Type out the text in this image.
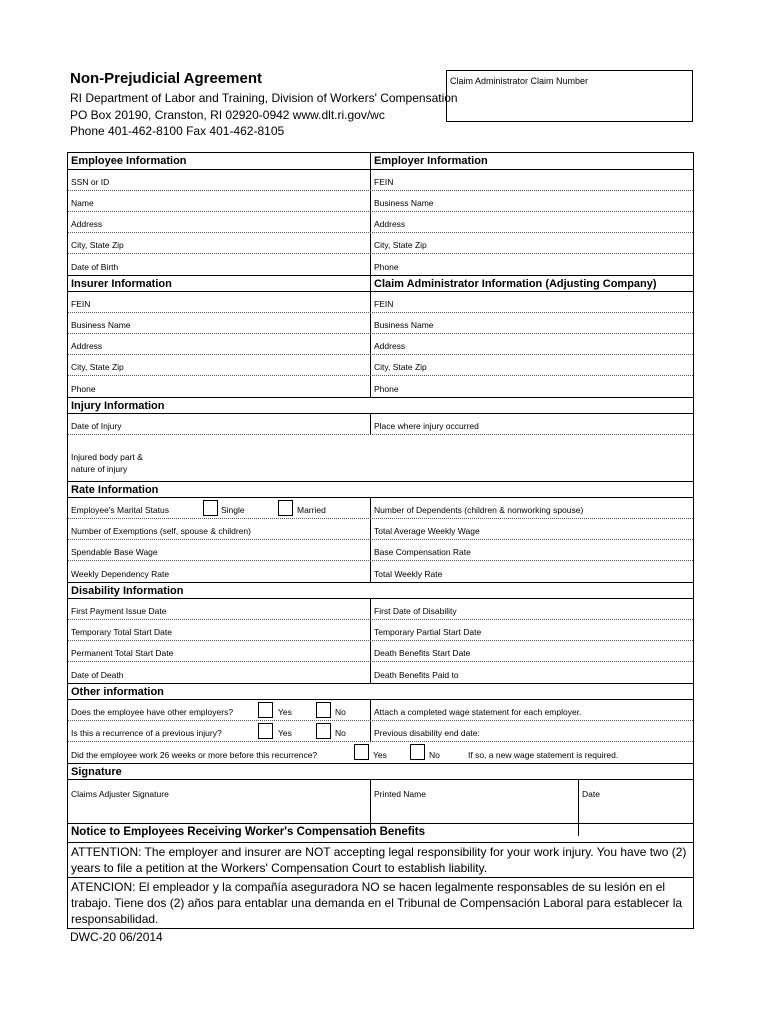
Non-Prejudicial Agreement
RI Department of Labor and Training, Division of Workers' Compensation
PO Box 20190, Cranston, RI 02920-0942 www.dlt.ri.gov/wc
Phone 401-462-8100 Fax 401-462-8105
Claim Administrator Claim Number
Employee Information	Employer Information
SSN or ID	FEIN
Name	Business Name
Address	Address
City, State Zip	City, State Zip
Date of Birth	Phone
Insurer Information	Claim Administrator Information (Adjusting Company)
FEIN	FEIN
Business Name	Business Name
Address	Address
City, State Zip	City, State Zip
Phone	Phone
Injury Information
Date of Injury	Place where injury occurred
Injured body part &
nature of injury
Rate Information
Employee's Marital Status	Single	Married	Number of Dependents (children & nonworking spouse)
Number of Exemptions (self, spouse & children)	Total Average Weekly Wage
Spendable Base Wage	Base Compensation Rate
Weekly Dependency Rate	Total Weekly Rate
Disability Information
First Payment Issue Date	First Date of Disability
Temporary Total Start Date	Temporary Partial Start Date
Permanent Total Start Date	Death Benefits Start Date
Date of Death	Death Benefits Paid to
Other information
Does the employee have other employers?	Yes	No	Attach a completed wage statement for each employer.
Is this a recurrence of a previous injury?	Yes	No	Previous disability end date:
Did the employee work 26 weeks or more before this recurrence?	Yes	No	If so, a new wage statement is required.
Signature
Claims Adjuster Signature	Printed Name	Date
Notice to Employees Receiving Worker's Compensation Benefits
ATTENTION: The employer and insurer are NOT accepting legal responsibility for your work injury. You have two (2) years to file a petition at the Workers' Compensation Court to establish liability.
ATENCION: El empleador y la compañía aseguradora NO se hacen legalmente responsables de su lesión en el trabajo. Tiene dos (2) años para entablar una demanda en el Tribunal de Compensación Laboral para establecer la responsabilidad.
DWC-20 06/2014
